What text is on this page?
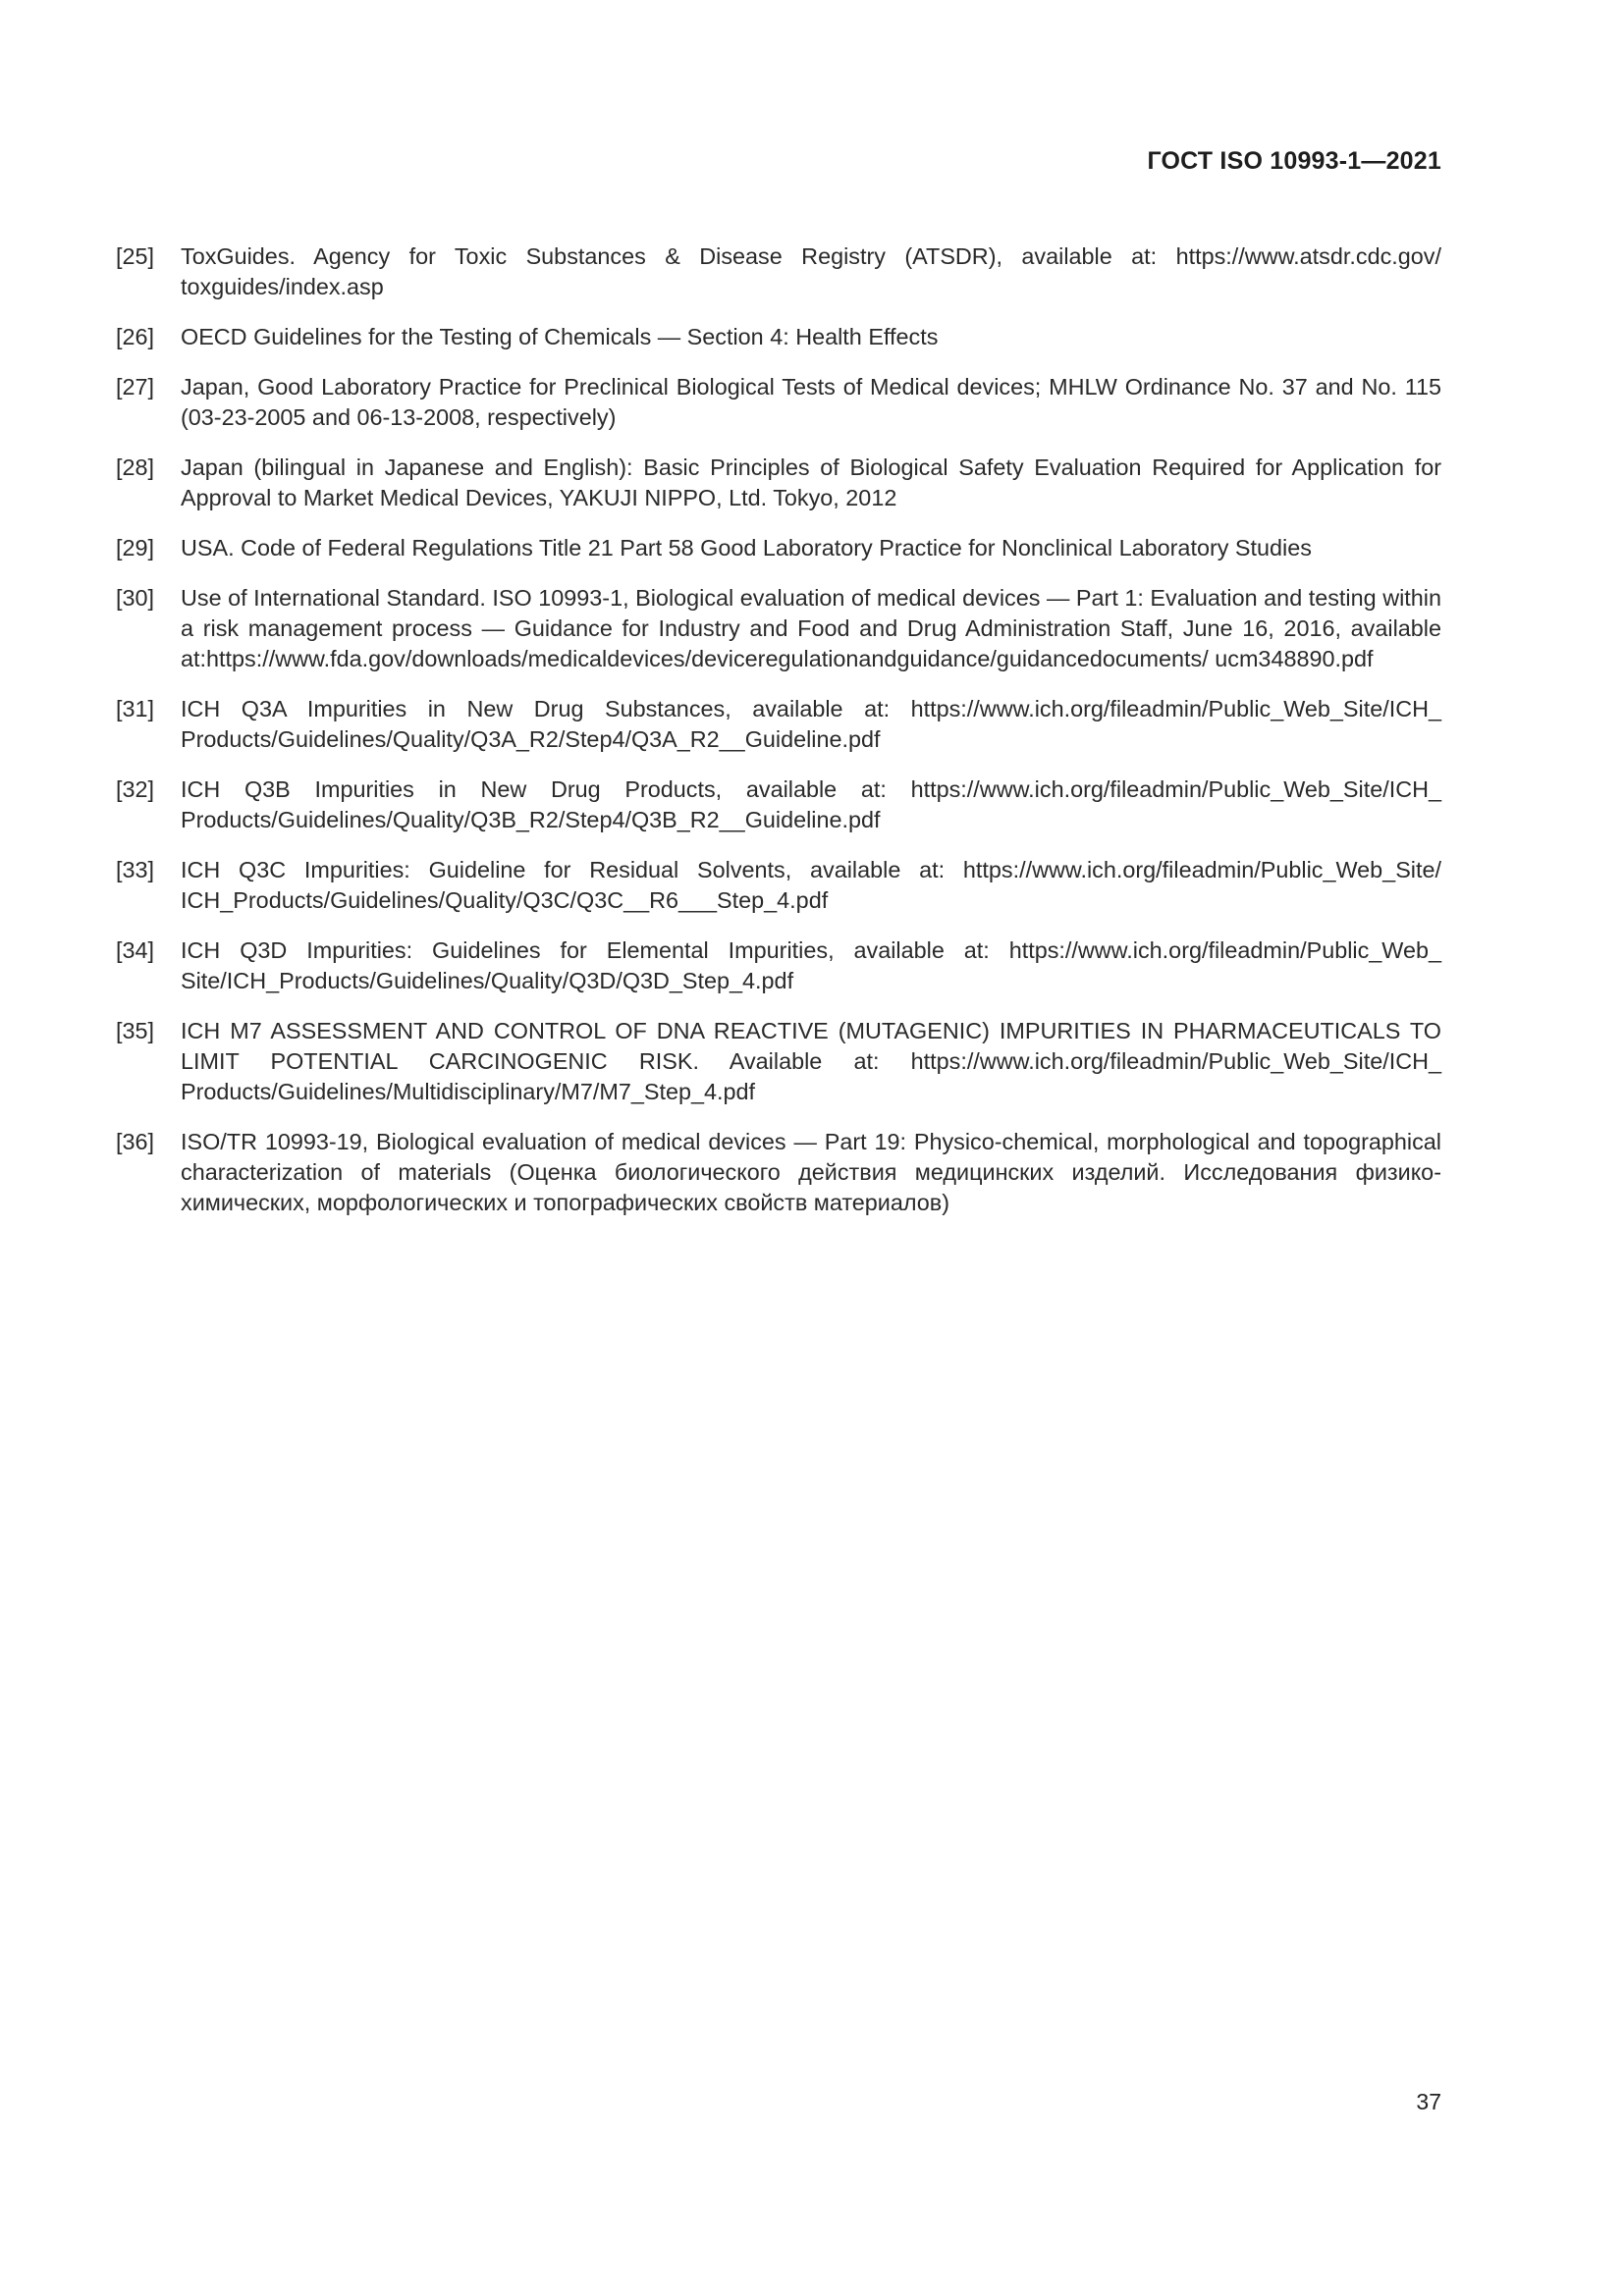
ГОСТ ISO 10993-1—2021
[25]	ToxGuides. Agency for Toxic Substances & Disease Registry (ATSDR), available at: https://www.atsdr.cdc.gov/ toxguides/index.asp
[26]	OECD Guidelines for the Testing of Chemicals — Section 4: Health Effects
[27]	Japan, Good Laboratory Practice for Preclinical Biological Tests of Medical devices; MHLW Ordinance No. 37 and No. 115 (03-23-2005 and 06-13-2008, respectively)
[28]	Japan (bilingual in Japanese and English): Basic Principles of Biological Safety Evaluation Required for Application for Approval to Market Medical Devices, YAKUJI NIPPO, Ltd. Tokyo, 2012
[29]	USA. Code of Federal Regulations Title 21 Part 58 Good Laboratory Practice for Nonclinical Laboratory Studies
[30]	Use of International Standard. ISO 10993-1, Biological evaluation of medical devices — Part 1: Evaluation and testing within a risk management process — Guidance for Industry and Food and Drug Administration Staff, June 16, 2016, available at:https://www.fda.gov/downloads/medicaldevices/deviceregulationandguidance/guidancedocuments/ ucm348890.pdf
[31]	ICH Q3A Impurities in New Drug Substances, available at: https://www.ich.org/fileadmin/Public_Web_Site/ICH_ Products/Guidelines/Quality/Q3A_R2/Step4/Q3A_R2__Guideline.pdf
[32]	ICH Q3B Impurities in New Drug Products, available at: https://www.ich.org/fileadmin/Public_Web_Site/ICH_ Products/Guidelines/Quality/Q3B_R2/Step4/Q3B_R2__Guideline.pdf
[33]	ICH Q3C Impurities: Guideline for Residual Solvents, available at: https://www.ich.org/fileadmin/Public_Web_Site/ ICH_Products/Guidelines/Quality/Q3C/Q3C__R6___Step_4.pdf
[34]	ICH Q3D Impurities: Guidelines for Elemental Impurities, available at: https://www.ich.org/fileadmin/Public_Web_ Site/ICH_Products/Guidelines/Quality/Q3D/Q3D_Step_4.pdf
[35]	ICH M7 ASSESSMENT AND CONTROL OF DNA REACTIVE (MUTAGENIC) IMPURITIES IN PHARMACEUTICALS TO LIMIT POTENTIAL CARCINOGENIC RISK. Available at: https://www.ich.org/fileadmin/Public_Web_Site/ICH_ Products/Guidelines/Multidisciplinary/M7/M7_Step_4.pdf
[36]	ISO/TR 10993-19, Biological evaluation of medical devices — Part 19: Physico-chemical, morphological and topographical characterization of materials (Оценка биологического действия медицинских изделий. Исследования физико-химических, морфологических и топографических свойств материалов)
37
